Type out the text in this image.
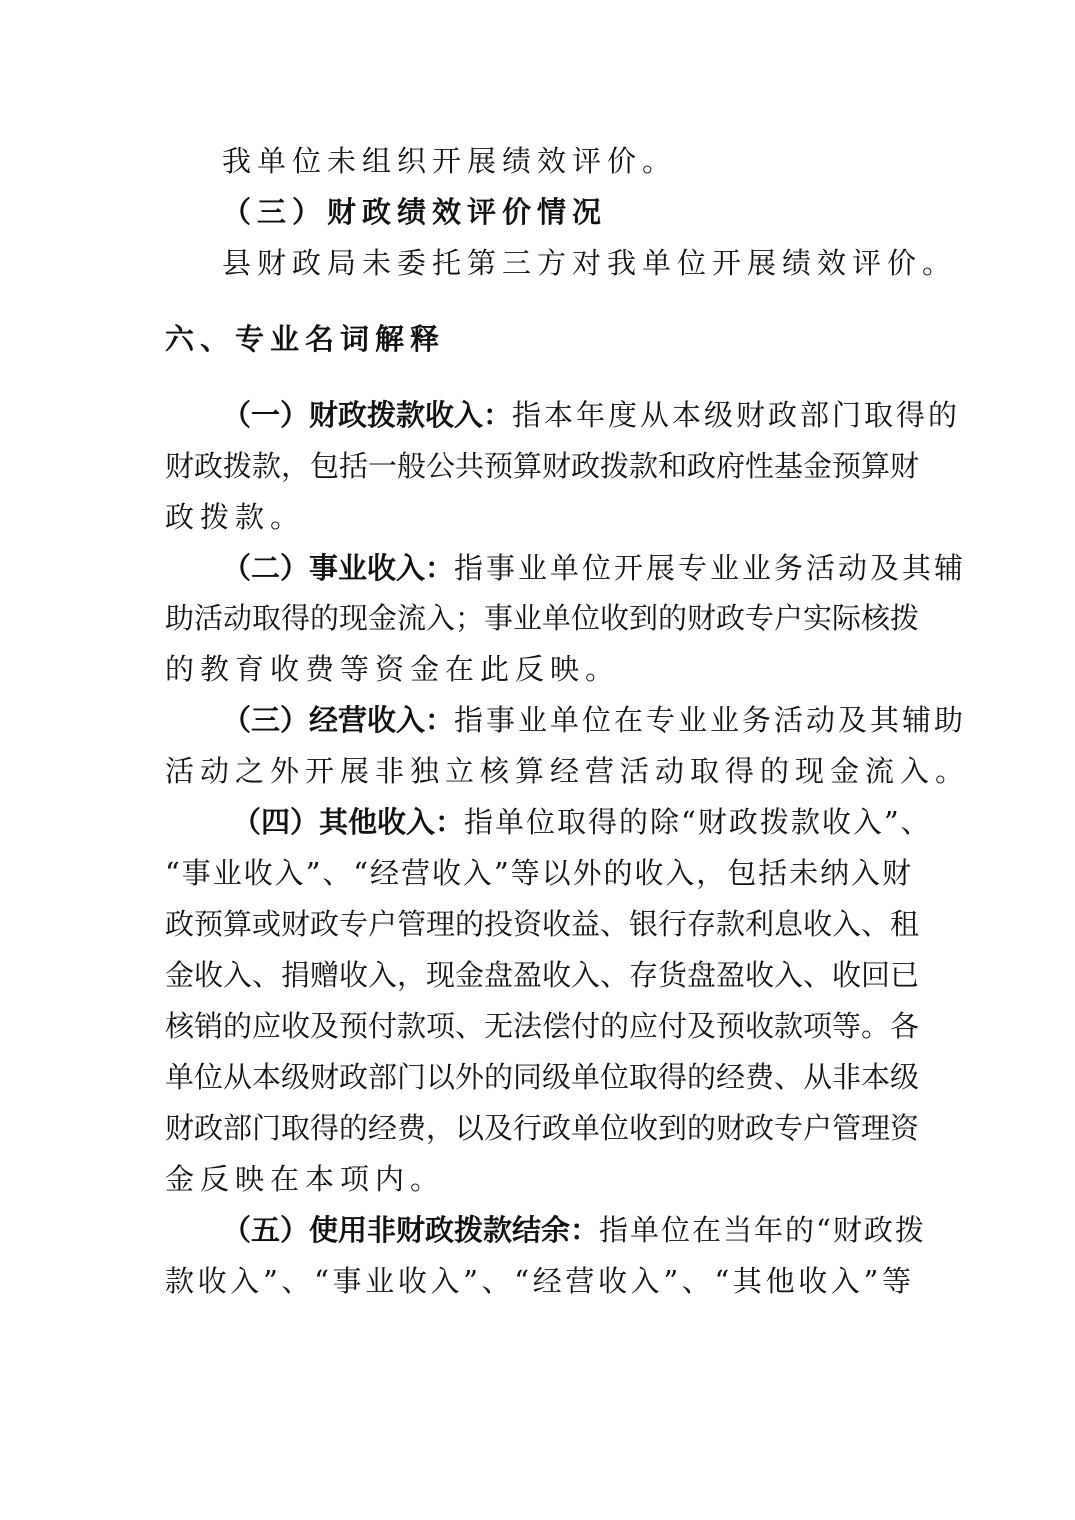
我单位未组织开展绩效评价。
（三）财政绩效评价情况
县财政局未委托第三方对我单位开展绩效评价。
六、专业名词解释
（一）财政拨款收入：指本年度从本级财政部门取得的
财政拨款，包括一般公共预算财政拨款和政府性基金预算财
政拨款。
（二）事业收入：指事业单位开展专业业务活动及其辅
助活动取得的现金流入；事业单位收到的财政专户实际核拨
的教育收费等资金在此反映。
（三）经营收入：指事业单位在专业业务活动及其辅助
活动之外开展非独立核算经营活动取得的现金流入。
（四）其他收入：指单位取得的除“财政拨款收入”、
“事业收入”、“经营收入”等以外的收入，包括未纳入财
政预算或财政专户管理的投资收益、银行存款利息收入、租
金收入、捐赠收入，现金盘盈收入、存货盘盈收入、收回已
核销的应收及预付款项、无法偿付的应付及预收款项等。各
单位从本级财政部门以外的同级单位取得的经费、从非本级
财政部门取得的经费，以及行政单位收到的财政专户管理资
金反映在本项内。
（五）使用非财政拨款结余：指单位在当年的“财政拨
款收入”、“事业收入”、“经营收入”、“其他收入”等
